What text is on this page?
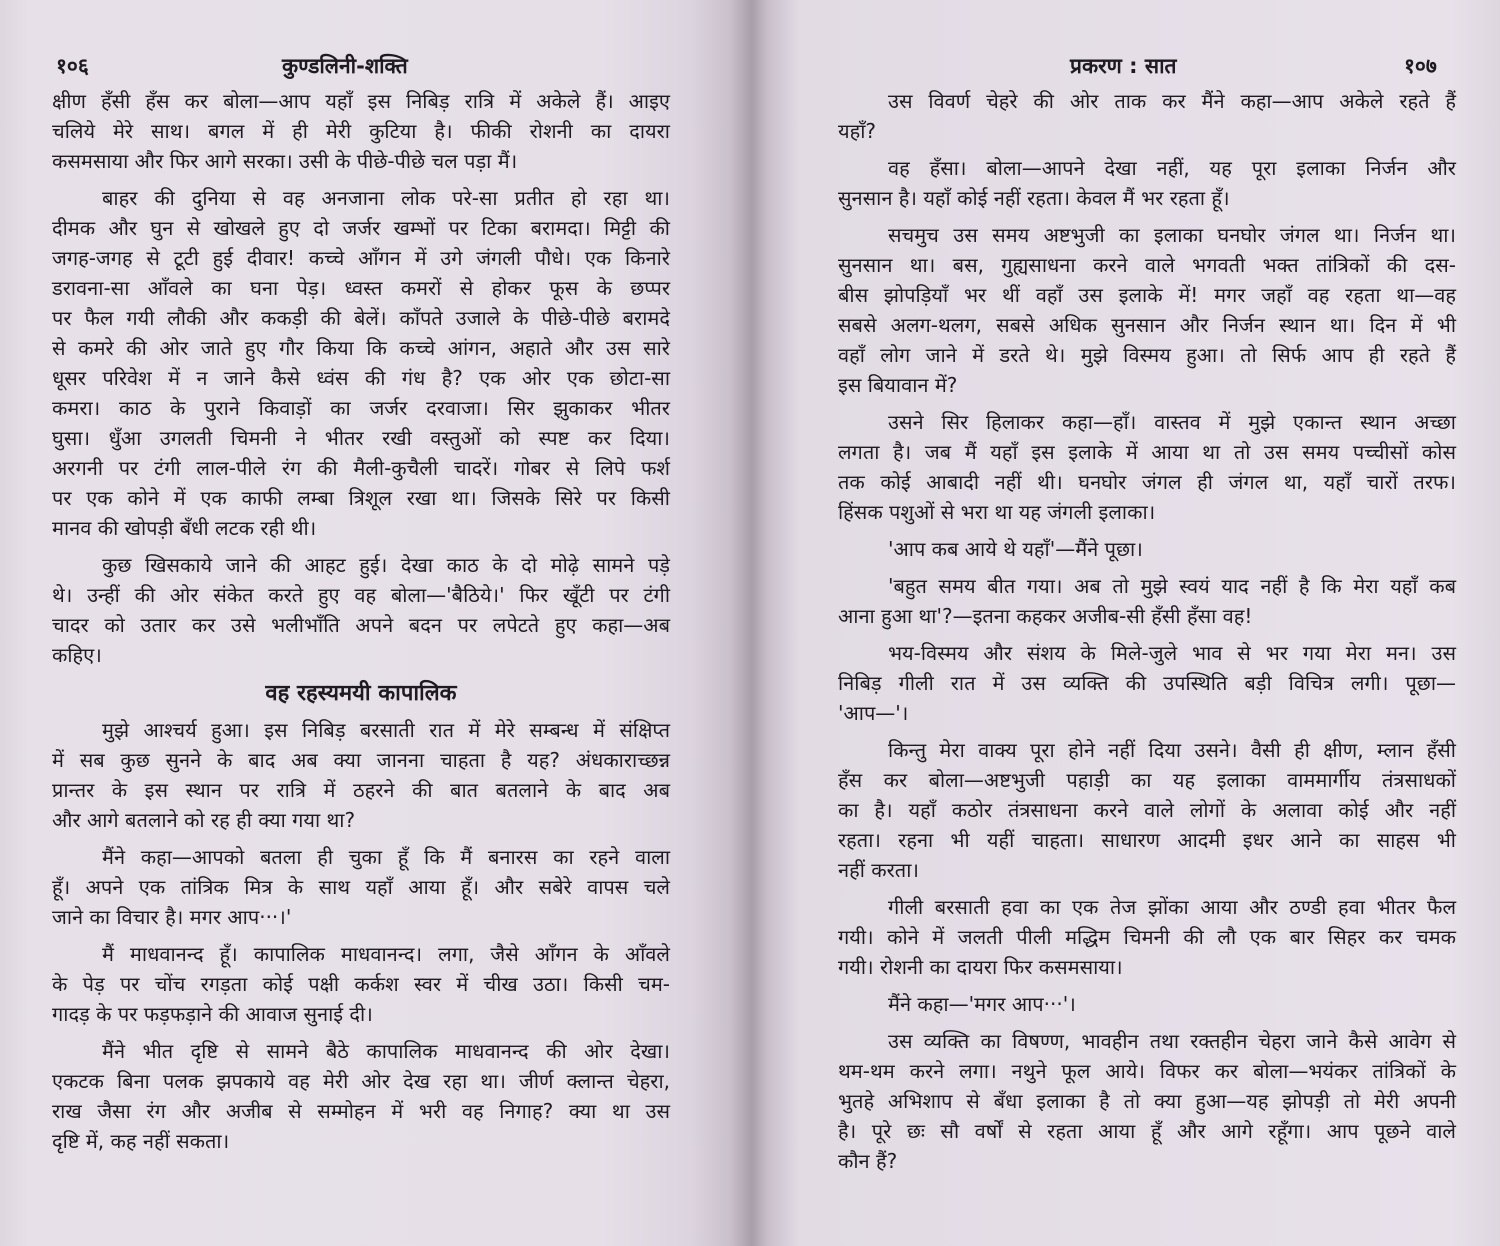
१०६	कुण्डलिनी-शक्ति
क्षीण हँसी हँस कर बोला—आप यहाँ इस निबिड़ रात्रि में अकेले हैं। आइए
चलिये मेरे साथ। बगल में ही मेरी कुटिया है। फीकी रोशनी का दायरा
कसमसाया और फिर आगे सरका। उसी के पीछे-पीछे चल पड़ा मैं।
बाहर की दुनिया से वह अनजाना लोक परे-सा प्रतीत हो रहा था।
दीमक और घुन से खोखले हुए दो जर्जर खम्भों पर टिका बरामदा। मिट्टी की
जगह-जगह से टूटी हुई दीवार! कच्चे आँगन में उगे जंगली पौधे। एक किनारे
डरावना-सा आँवले का घना पेड़। ध्वस्त कमरों से होकर फूस के छप्पर
पर फैल गयी लौकी और ककड़ी की बेलें। काँपते उजाले के पीछे-पीछे बरामदे
से कमरे की ओर जाते हुए गौर किया कि कच्चे आंगन, अहाते और उस सारे
धूसर परिवेश में न जाने कैसे ध्वंस की गंध है? एक ओर एक छोटा-सा
कमरा। काठ के पुराने किवाड़ों का जर्जर दरवाजा। सिर झुकाकर भीतर
घुसा। धुँआ उगलती चिमनी ने भीतर रखी वस्तुओं को स्पष्ट कर दिया।
अरगनी पर टंगी लाल-पीले रंग की मैली-कुचैली चादरें। गोबर से लिपे फर्श
पर एक कोने में एक काफी लम्बा त्रिशूल रखा था। जिसके सिरे पर किसी
मानव की खोपड़ी बँधी लटक रही थी।
कुछ खिसकाये जाने की आहट हुई। देखा काठ के दो मोढ़े सामने पड़े
थे। उन्हीं की ओर संकेत करते हुए वह बोला—'बैठिये।' फिर खूँटी पर टंगी
चादर को उतार कर उसे भलीभाँति अपने बदन पर लपेटते हुए कहा—अब
कहिए।
वह रहस्यमयी कापालिक
मुझे आश्चर्य हुआ। इस निबिड़ बरसाती रात में मेरे सम्बन्ध में संक्षिप्त
में सब कुछ सुनने के बाद अब क्या जानना चाहता है यह? अंधकाराच्छन्न
प्रान्तर के इस स्थान पर रात्रि में ठहरने की बात बतलाने के बाद अब
और आगे बतलाने को रह ही क्या गया था?
मैंने कहा—आपको बतला ही चुका हूँ कि मैं बनारस का रहने वाला
हूँ। अपने एक तांत्रिक मित्र के साथ यहाँ आया हूँ। और सबेरे वापस चले
जाने का विचार है। मगर आप···।'
मैं माधवानन्द हूँ। कापालिक माधवानन्द। लगा, जैसे आँगन के आँवले
के पेड़ पर चोंच रगड़ता कोई पक्षी कर्कश स्वर में चीख उठा। किसी चम-
गादड़ के पर फड़फड़ाने की आवाज सुनाई दी।
मैंने भीत दृष्टि से सामने बैठे कापालिक माधवानन्द की ओर देखा।
एकटक बिना पलक झपकाये वह मेरी ओर देख रहा था। जीर्ण क्लान्त चेहरा,
राख जैसा रंग और अजीब से सम्मोहन में भरी वह निगाह? क्या था उस
दृष्टि में, कह नहीं सकता।
प्रकरण : सात	१०७
उस विवर्ण चेहरे की ओर ताक कर मैंने कहा—आप अकेले रहते हैं
यहाँ?
वह हँसा। बोला—आपने देखा नहीं, यह पूरा इलाका निर्जन और
सुनसान है। यहाँ कोई नहीं रहता। केवल मैं भर रहता हूँ।
सचमुच उस समय अष्टभुजी का इलाका घनघोर जंगल था। निर्जन था।
सुनसान था। बस, गुह्यसाधना करने वाले भगवती भक्त तांत्रिकों की दस-
बीस झोपड़ियाँ भर थीं वहाँ उस इलाके में! मगर जहाँ वह रहता था—वह
सबसे अलग-थलग, सबसे अधिक सुनसान और निर्जन स्थान था। दिन में भी
वहाँ लोग जाने में डरते थे। मुझे विस्मय हुआ। तो सिर्फ आप ही रहते हैं
इस बियावान में?
उसने सिर हिलाकर कहा—हाँ। वास्तव में मुझे एकान्त स्थान अच्छा
लगता है। जब मैं यहाँ इस इलाके में आया था तो उस समय पच्चीसों कोस
तक कोई आबादी नहीं थी। घनघोर जंगल ही जंगल था, यहाँ चारों तरफ।
हिंसक पशुओं से भरा था यह जंगली इलाका।
'आप कब आये थे यहाँ'—मैंने पूछा।
'बहुत समय बीत गया। अब तो मुझे स्वयं याद नहीं है कि मेरा यहाँ कब
आना हुआ था'?—इतना कहकर अजीब-सी हँसी हँसा वह!
भय-विस्मय और संशय के मिले-जुले भाव से भर गया मेरा मन। उस
निबिड़ गीली रात में उस व्यक्ति की उपस्थिति बड़ी विचित्र लगी। पूछा—
'आप—'।
किन्तु मेरा वाक्य पूरा होने नहीं दिया उसने। वैसी ही क्षीण, म्लान हँसी
हँस कर बोला—अष्टभुजी पहाड़ी का यह इलाका वाममार्गीय तंत्रसाधकों
का है। यहाँ कठोर तंत्रसाधना करने वाले लोगों के अलावा कोई और नहीं
रहता। रहना भी यहीं चाहता। साधारण आदमी इधर आने का साहस भी
नहीं करता।
गीली बरसाती हवा का एक तेज झोंका आया और ठण्डी हवा भीतर फैल
गयी। कोने में जलती पीली मद्धिम चिमनी की लौ एक बार सिहर कर चमक
गयी। रोशनी का दायरा फिर कसमसाया।
मैंने कहा—'मगर आप···'।
उस व्यक्ति का विषण्ण, भावहीन तथा रक्तहीन चेहरा जाने कैसे आवेग से
थम-थम करने लगा। नथुने फूल आये। विफर कर बोला—भयंकर तांत्रिकों के
भुतहे अभिशाप से बँधा इलाका है तो क्या हुआ—यह झोपड़ी तो मेरी अपनी
है। पूरे छः सौ वर्षों से रहता आया हूँ और आगे रहूँगा। आप पूछने वाले
कौन हैं?
